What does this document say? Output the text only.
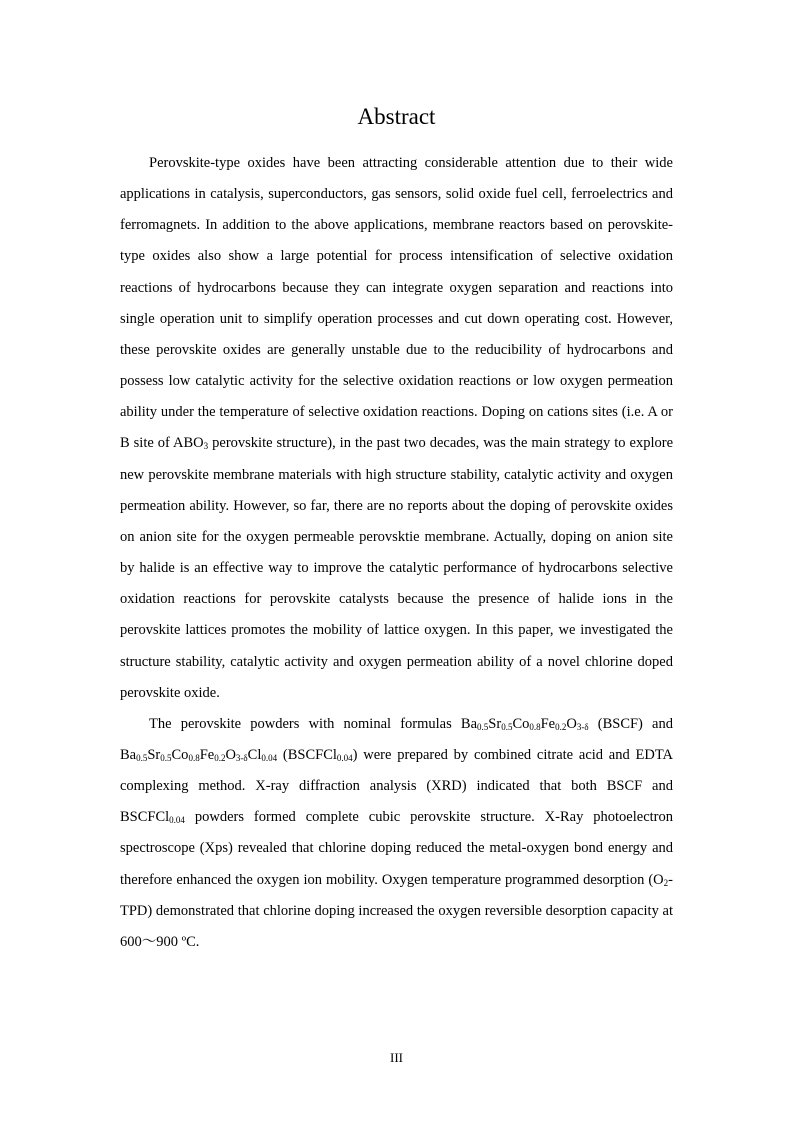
Abstract

Perovskite-type oxides have been attracting considerable attention due to their wide applications in catalysis, superconductors, gas sensors, solid oxide fuel cell, ferroelectrics and ferromagnets. In addition to the above applications, membrane reactors based on perovskite-type oxides also show a large potential for process intensification of selective oxidation reactions of hydrocarbons because they can integrate oxygen separation and reactions into single operation unit to simplify operation processes and cut down operating cost. However, these perovskite oxides are generally unstable due to the reducibility of hydrocarbons and possess low catalytic activity for the selective oxidation reactions or low oxygen permeation ability under the temperature of selective oxidation reactions. Doping on cations sites (i.e. A or B site of $ABO_3$ perovskite structure), in the past two decades, was the main strategy to explore new perovskite membrane materials with high structure stability, catalytic activity and oxygen permeation ability. However, so far, there are no reports about the doping of perovskite oxides on anion site for the oxygen permeable perovsktie membrane. Actually, doping on anion site by halide is an effective way to improve the catalytic performance of hydrocarbons selective oxidation reactions for perovskite catalysts because the presence of halide ions in the perovskite lattices promotes the mobility of lattice oxygen. In this paper, we investigated the structure stability, catalytic activity and oxygen permeation ability of a novel chlorine doped perovskite oxide.

The perovskite powders with nominal formulas $Ba_{0.5}Sr_{0.5}Co_{0.8}Fe_{0.2}O_{3-\delta}$ (BSCF) and $Ba_{0.5}Sr_{0.5}Co_{0.8}Fe_{0.2}O_{3-\delta}Cl_{0.04}$ (BSCFCl$_{0.04}$) were prepared by combined citrate acid and EDTA complexing method. X-ray diffraction analysis (XRD) indicated that both BSCF and BSCFCl$_{0.04}$ powders formed complete cubic perovskite structure. X-Ray photoelectron spectroscope (Xps) revealed that chlorine doping reduced the metal-oxygen bond energy and therefore enhanced the oxygen ion mobility. Oxygen temperature programmed desorption $(O_2-TPD)$ demonstrated that chlorine doping increased the oxygen reversible desorption capacity at 600～900 ºC.

III
